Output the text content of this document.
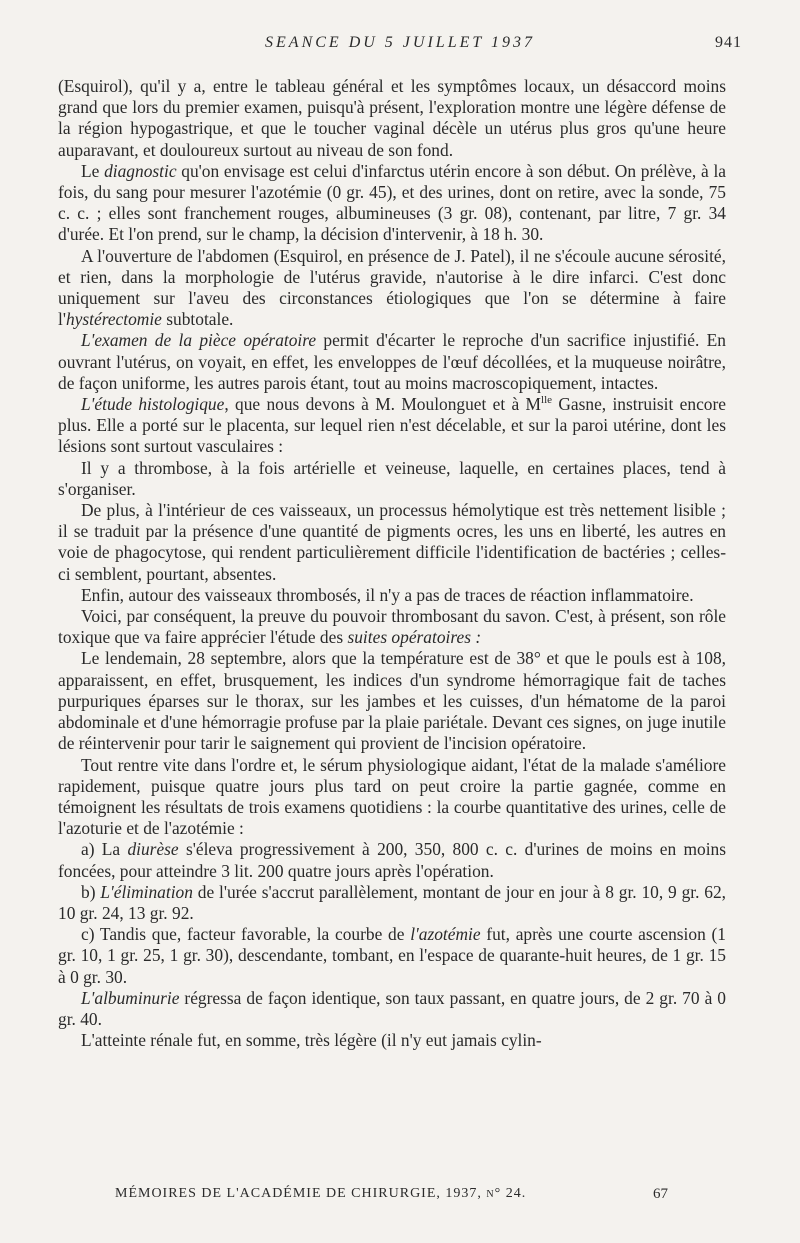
SEANCE DU 5 JUILLET 1937	941

(Esquirol), qu'il y a, entre le tableau général et les symptômes locaux, un désaccord moins grand que lors du premier examen, puisqu'à présent, l'exploration montre une légère défense de la région hypogastrique, et que le toucher vaginal décèle un utérus plus gros qu'une heure auparavant, et douloureux surtout au niveau de son fond.

Le diagnostic qu'on envisage est celui d'infarctus utérin encore à son début. On prélève, à la fois, du sang pour mesurer l'azotémie (0 gr. 45), et des urines, dont on retire, avec la sonde, 75 c. c. ; elles sont franchement rouges, albumineuses (3 gr. 08), contenant, par litre, 7 gr. 34 d'urée. Et l'on prend, sur le champ, la décision d'intervenir, à 18 h. 30.

A l'ouverture de l'abdomen (Esquirol, en présence de J. Patel), il ne s'écoule aucune sérosité, et rien, dans la morphologie de l'utérus gravide, n'autorise à le dire infarci. C'est donc uniquement sur l'aveu des circonstances étiologiques que l'on se détermine à faire l'hystérectomie subtotale.

L'examen de la pièce opératoire permit d'écarter le reproche d'un sacrifice injustifié. En ouvrant l'utérus, on voyait, en effet, les enveloppes de l'œuf décollées, et la muqueuse noirâtre, de façon uniforme, les autres parois étant, tout au moins macroscopiquement, intactes.

L'étude histologique, que nous devons à M. Moulonguet et à $M^{lle}$ Gasne, instruisit encore plus. Elle a porté sur le placenta, sur lequel rien n'est décelable, et sur la paroi utérine, dont les lésions sont surtout vasculaires :

Il y a thrombose, à la fois artérielle et veineuse, laquelle, en certaines places, tend à s'organiser.

De plus, à l'intérieur de ces vaisseaux, un processus hémolytique est très nettement lisible ; il se traduit par la présence d'une quantité de pigments ocres, les uns en liberté, les autres en voie de phagocytose, qui rendent particulièrement difficile l'identification de bactéries ; celles-ci semblent, pourtant, absentes.

Enfin, autour des vaisseaux thrombosés, il n'y a pas de traces de réaction inflammatoire.

Voici, par conséquent, la preuve du pouvoir thrombosant du savon. C'est, à présent, son rôle toxique que va faire apprécier l'étude des suites opératoires :

Le lendemain, 28 septembre, alors que la température est de 38° et que le pouls est à 108, apparaissent, en effet, brusquement, les indices d'un syndrome hémorragique fait de taches purpuriques éparses sur le thorax, sur les jambes et les cuisses, d'un hématome de la paroi abdominale et d'une hémorragie profuse par la plaie pariétale. Devant ces signes, on juge inutile de réintervenir pour tarir le saignement qui provient de l'incision opératoire.

Tout rentre vite dans l'ordre et, le sérum physiologique aidant, l'état de la malade s'améliore rapidement, puisque quatre jours plus tard on peut croire la partie gagnée, comme en témoignent les résultats de trois examens quotidiens : la courbe quantitative des urines, celle de l'azoturie et de l'azotémie :

a) La diurèse s'éleva progressivement à 200, 350, 800 c. c. d'urines de moins en moins foncées, pour atteindre 3 lit. 200 quatre jours après l'opération.

b) L'élimination de l'urée s'accrut parallèlement, montant de jour en jour à 8 gr. 10, 9 gr. 62, 10 gr. 24, 13 gr. 92.

c) Tandis que, facteur favorable, la courbe de l'azotémie fut, après une courte ascension (1 gr. 10, 1 gr. 25, 1 gr. 30), descendante, tombant, en l'espace de quarante-huit heures, de 1 gr. 15 à 0 gr. 30.

L'albuminurie régressa de façon identique, son taux passant, en quatre jours, de 2 gr. 70 à 0 gr. 40.

L'atteinte rénale fut, en somme, très légère (il n'y eut jamais cylin-

MÉMOIRES DE L'ACADÉMIE DE CHIRURGIE, 1937, n° 24.	67
